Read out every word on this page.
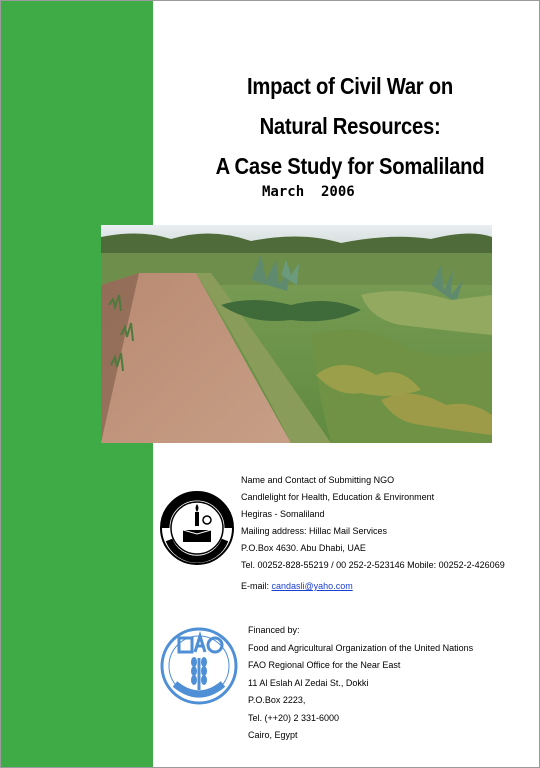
Impact of Civil War on
Natural Resources:
A Case Study for Somaliland
March  2006
Name and Contact of Submitting NGO
Candlelight for Health, Education & Environment
Hegiras - Somaliland
Mailing address: Hillac Mail Services
P.O.Box 4630. Abu Dhabi, UAE
Tel. 00252-828-55219 / 00 252-2-523146 Mobile: 00252-2-426069
E-mail: candasli@yaho.com
Financed by:
Food and Agricultural Organization of the United Nations
FAO Regional Office for the Near East
11 Al Eslah Al Zedai St., Dokki
P.O.Box 2223,
Tel. (++20) 2 331-6000
Cairo, Egypt
